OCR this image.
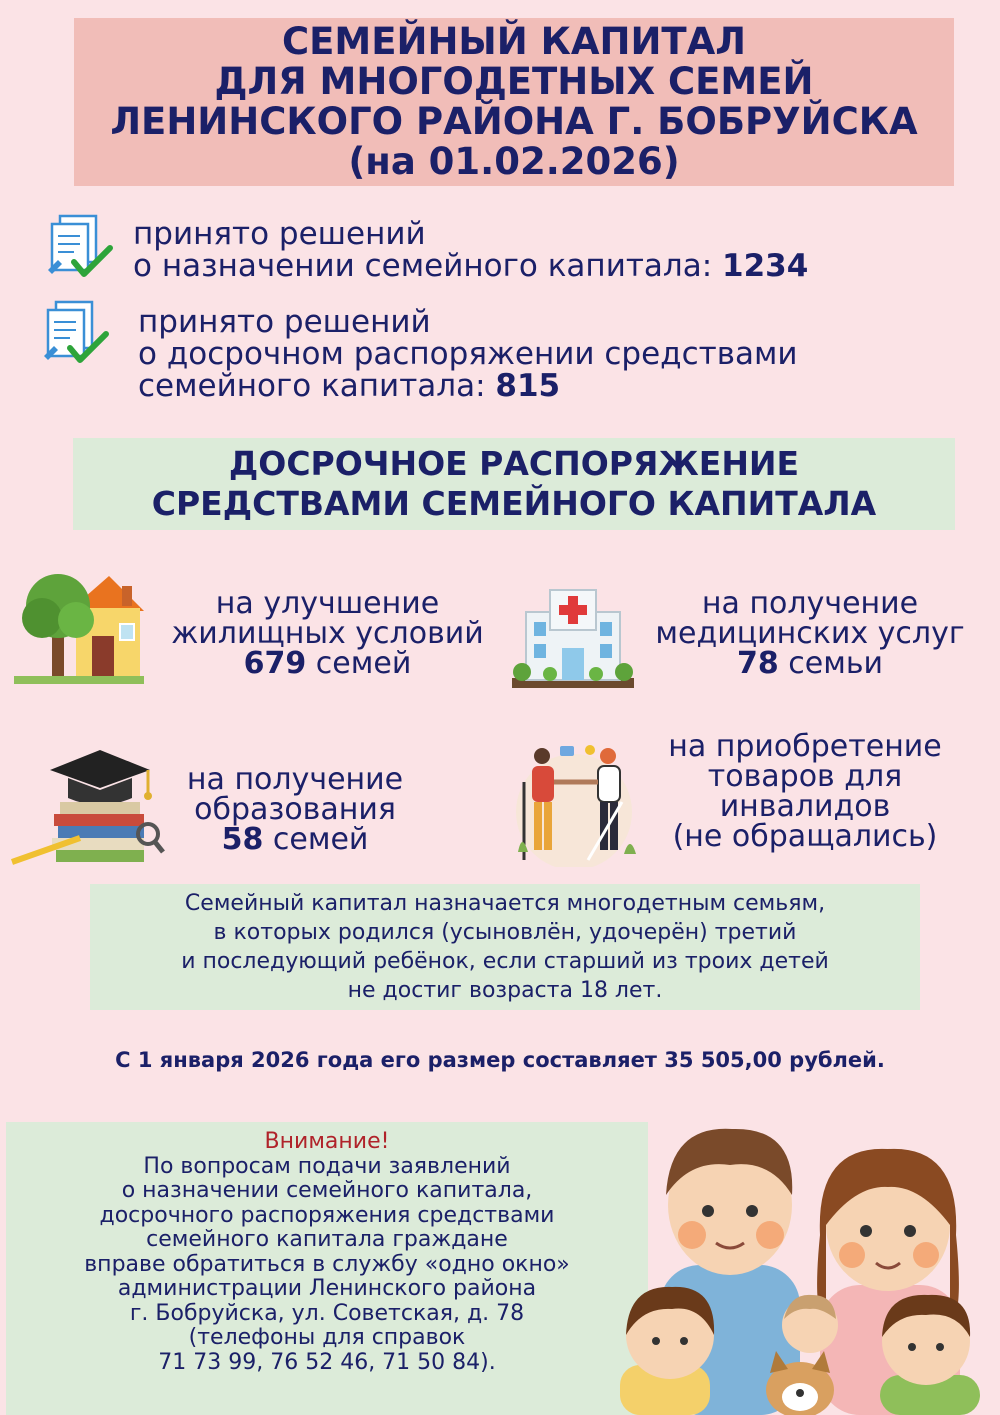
СЕМЕЙНЫЙ КАПИТАЛ
ДЛЯ МНОГОДЕТНЫХ СЕМЕЙ
ЛЕНИНСКОГО РАЙОНА Г. БОБРУЙСКА
(на 01.02.2026)
принято решений
о назначении семейного капитала: 1234
принято решений
о досрочном распоряжении средствами
семейного капитала: 815
ДОСРОЧНОЕ РАСПОРЯЖЕНИЕ
СРЕДСТВАМИ СЕМЕЙНОГО КАПИТАЛА
на улучшение
жилищных условий
679 семей
на получение
медицинских услуг
78 семьи
на получение
образования
58 семей
на приобретение
товаров для
инвалидов
(не обращались)
Семейный капитал назначается многодетным семьям,
в которых родился (усыновлён, удочерён) третий
и последующий ребёнок, если старший из троих детей
не достиг возраста 18 лет.
С 1 января 2026 года его размер составляет 35 505,00 рублей.
Внимание!
По вопросам подачи заявлений
о назначении семейного капитала,
досрочного распоряжения средствами
семейного капитала граждане
вправе обратиться в службу «одно окно»
администрации Ленинского района
г. Бобруйска, ул. Советская, д. 78
(телефоны для справок
71 73 99, 76 52 46, 71 50 84).
